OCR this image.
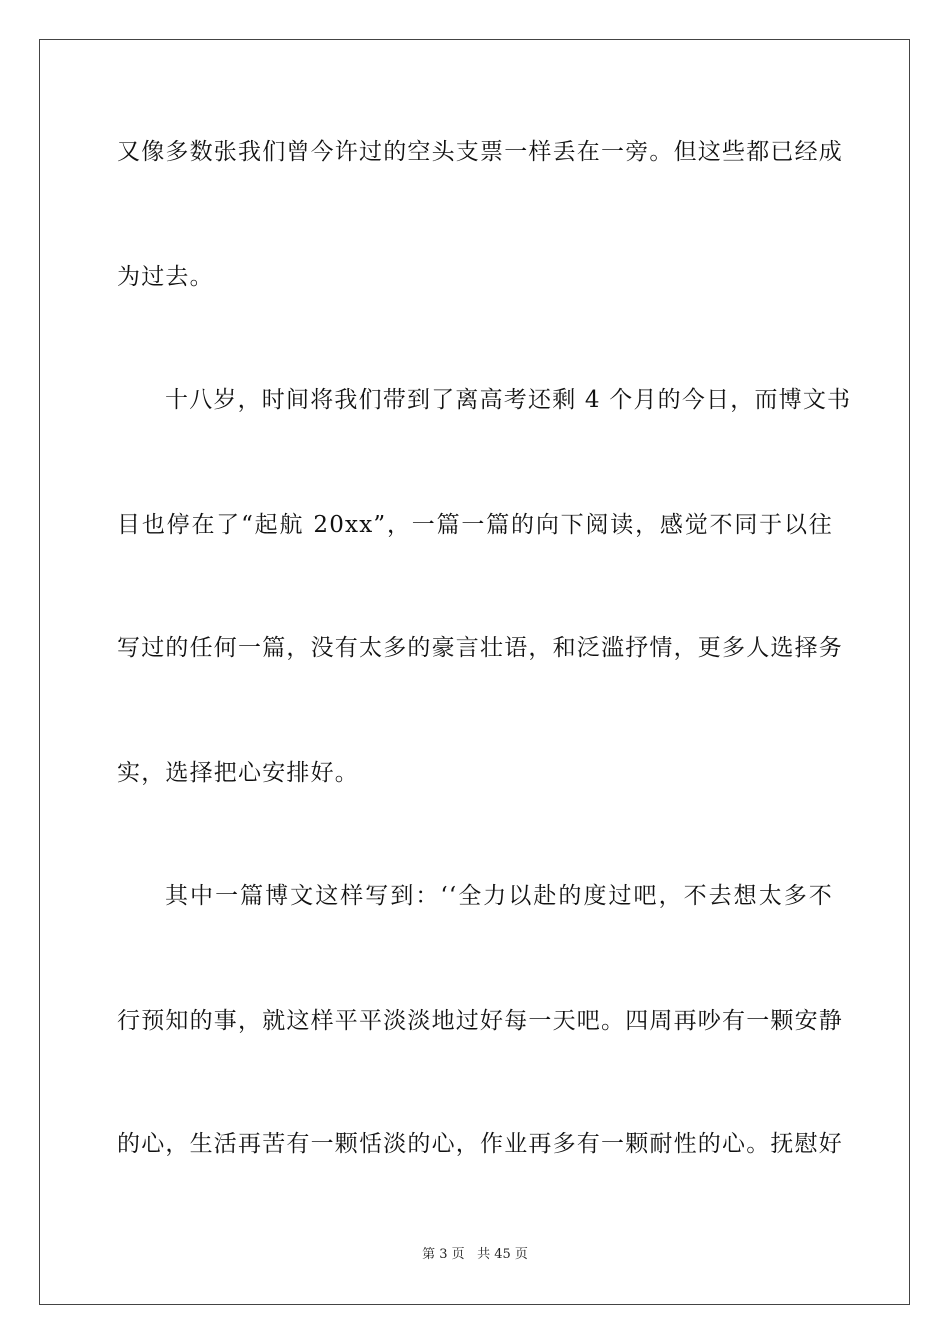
又像多数张我们曾今许过的空头支票一样丢在一旁。但这些都已经成
为过去。
十八岁，时间将我们带到了离高考还剩 4 个月的今日，而博文书
目也停在了“起航 20xx”，一篇一篇的向下阅读，感觉不同于以往
写过的任何一篇，没有太多的豪言壮语，和泛滥抒情，更多人选择务
实，选择把心安排好。
其中一篇博文这样写到：‘‘全力以赴的度过吧，不去想太多不
行预知的事，就这样平平淡淡地过好每一天吧。四周再吵有一颗安静
的心，生活再苦有一颗恬淡的心，作业再多有一颗耐性的心。抚慰好
第 3 页 共 45 页
